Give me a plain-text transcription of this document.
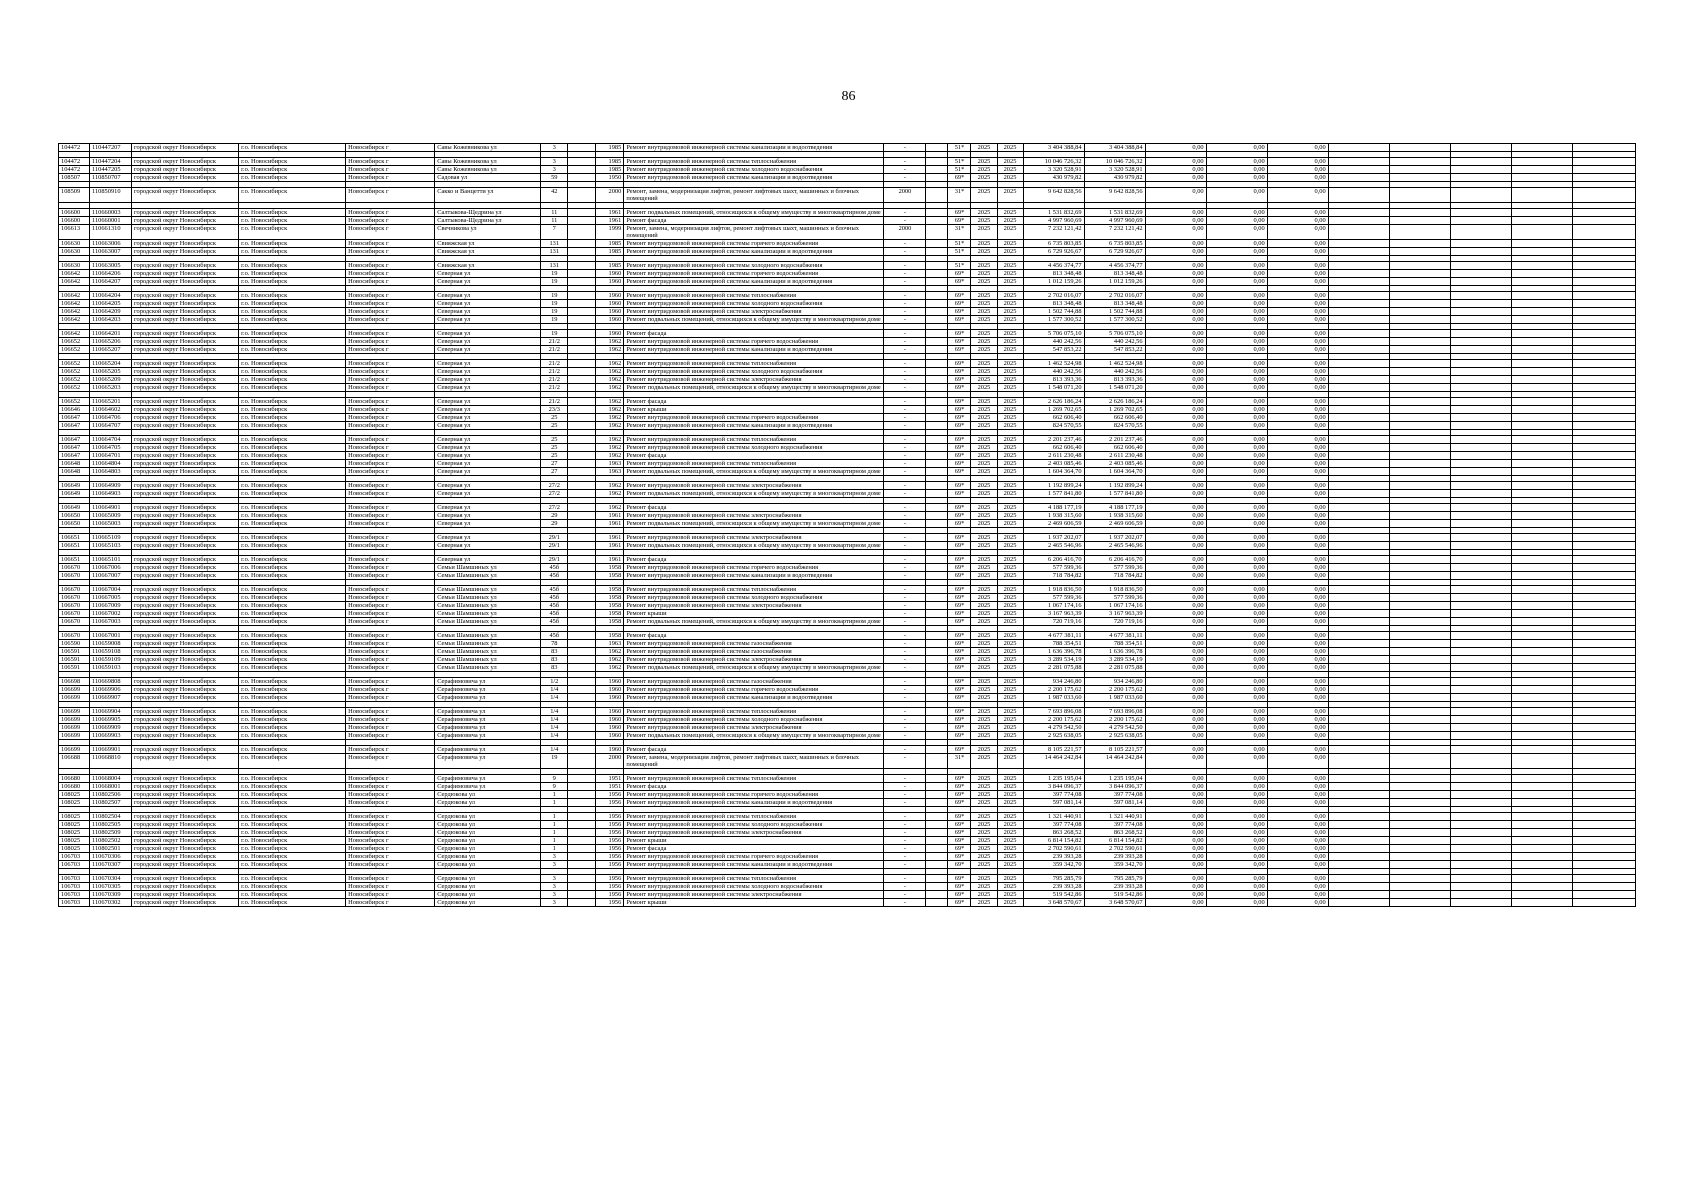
86
104472	110447207	городской округ Новосибирск	г.о. Новосибирск	Новосибирск г	Савы Кожевникова ул	3		1985	Ремонт внутридомовой инженерной системы канализации и водоотведения	-		51*	2025	2025	3 404 388,84	3 404 388,84	0,00	0,00	0,00					

104472	110447204	городской округ Новосибирск	г.о. Новосибирск	Новосибирск г	Савы Кожевникова ул	3		1985	Ремонт внутридомовой инженерной системы теплоснабжения	-		51*	2025	2025	10 046 726,32	10 046 726,32	0,00	0,00	0,00					
104472	110447205	городской округ Новосибирск	г.о. Новосибирск	Новосибирск г	Савы Кожевникова ул	3		1985	Ремонт внутридомовой инженерной системы холодного водоснабжения	-		51*	2025	2025	3 320 528,91	3 320 528,91	0,00	0,00	0,00					
108507	110850707	городской округ Новосибирск	г.о. Новосибирск	Новосибирск г	Садовая ул	59		1950	Ремонт внутридомовой инженерной системы канализации и водоотведения	-		69*	2025	2025	430 979,82	430 979,82	0,00	0,00	0,00					

108509	110850910	городской округ Новосибирск	г.о. Новосибирск	Новосибирск г	Сакко и Ванцетти ул	42		2000	Ремонт, замена, модернизация лифтов, ремонт лифтовых шахт, машинных и блочных помещений	2000		31*	2025	2025	9 642 828,56	9 642 828,56	0,00	0,00	0,00					

106600	110660003	городской округ Новосибирск	г.о. Новосибирск	Новосибирск г	Салтыкова-Щедрина ул	11		1961	Ремонт подвальных помещений, относящихся к общему имуществу в многоквартирном доме	-		69*	2025	2025	1 531 832,69	1 531 832,69	0,00	0,00	0,00					
106600	110660001	городской округ Новосибирск	г.о. Новосибирск	Новосибирск г	Салтыкова-Щедрина ул	11		1961	Ремонт фасада	-		69*	2025	2025	4 997 960,69	4 997 960,69	0,00	0,00	0,00					
106613	110661310	городской округ Новосибирск	г.о. Новосибирск	Новосибирск г	Свечникова ул	7		1999	Ремонт, замена, модернизация лифтов, ремонт лифтовых шахт, машинных и блочных помещений	2000		31*	2025	2025	7 232 121,42	7 232 121,42	0,00	0,00	0,00					
106630	110663006	городской округ Новосибирск	г.о. Новосибирск	Новосибирск г	Свияжская ул	131		1985	Ремонт внутридомовой инженерной системы горячего водоснабжения	-		51*	2025	2025	6 735 803,85	6 735 803,85	0,00	0,00	0,00					
106630	110663007	городской округ Новосибирск	г.о. Новосибирск	Новосибирск г	Свияжская ул	131		1985	Ремонт внутридомовой инженерной системы канализации и водоотведения	-		51*	2025	2025	6 729 926,67	6 729 926,67	0,00	0,00	0,00					

106630	110663005	городской округ Новосибирск	г.о. Новосибирск	Новосибирск г	Свияжская ул	131		1985	Ремонт внутридомовой инженерной системы холодного водоснабжения	-		51*	2025	2025	4 456 374,77	4 456 374,77	0,00	0,00	0,00					
106642	110664206	городской округ Новосибирск	г.о. Новосибирск	Новосибирск г	Северная ул	19		1960	Ремонт внутридомовой инженерной системы горячего водоснабжения	-		69*	2025	2025	813 348,48	813 348,48	0,00	0,00	0,00					
106642	110664207	городской округ Новосибирск	г.о. Новосибирск	Новосибирск г	Северная ул	19		1960	Ремонт внутридомовой инженерной системы канализации и водоотведения	-		69*	2025	2025	1 012 159,26	1 012 159,26	0,00	0,00	0,00					

106642	110664204	городской округ Новосибирск	г.о. Новосибирск	Новосибирск г	Северная ул	19		1960	Ремонт внутридомовой инженерной системы теплоснабжения	-		69*	2025	2025	2 702 016,07	2 702 016,07	0,00	0,00	0,00					
106642	110664205	городской округ Новосибирск	г.о. Новосибирск	Новосибирск г	Северная ул	19		1960	Ремонт внутридомовой инженерной системы холодного водоснабжения	-		69*	2025	2025	813 348,48	813 348,48	0,00	0,00	0,00					
106642	110664209	городской округ Новосибирск	г.о. Новосибирск	Новосибирск г	Северная ул	19		1960	Ремонт внутридомовой инженерной системы электроснабжения	-		69*	2025	2025	1 502 744,88	1 502 744,88	0,00	0,00	0,00					
106642	110664203	городской округ Новосибирск	г.о. Новосибирск	Новосибирск г	Северная ул	19		1960	Ремонт подвальных помещений, относящихся к общему имуществу в многоквартирном доме	-		69*	2025	2025	1 577 300,52	1 577 300,52	0,00	0,00	0,00					

106642	110664201	городской округ Новосибирск	г.о. Новосибирск	Новосибирск г	Северная ул	19		1960	Ремонт фасада	-		69*	2025	2025	5 706 075,10	5 706 075,10	0,00	0,00	0,00					
106652	110665206	городской округ Новосибирск	г.о. Новосибирск	Новосибирск г	Северная ул	21/2		1962	Ремонт внутридомовой инженерной системы горячего водоснабжения	-		69*	2025	2025	440 242,56	440 242,56	0,00	0,00	0,00					
106652	110665207	городской округ Новосибирск	г.о. Новосибирск	Новосибирск г	Северная ул	21/2		1962	Ремонт внутридомовой инженерной системы канализации и водоотведения	-		69*	2025	2025	547 853,22	547 853,22	0,00	0,00	0,00					

106652	110665204	городской округ Новосибирск	г.о. Новосибирск	Новосибирск г	Северная ул	21/2		1962	Ремонт внутридомовой инженерной системы теплоснабжения	-		69*	2025	2025	1 462 524,98	1 462 524,98	0,00	0,00	0,00					
106652	110665205	городской округ Новосибирск	г.о. Новосибирск	Новосибирск г	Северная ул	21/2		1962	Ремонт внутридомовой инженерной системы холодного водоснабжения	-		69*	2025	2025	440 242,56	440 242,56	0,00	0,00	0,00					
106652	110665209	городской округ Новосибирск	г.о. Новосибирск	Новосибирск г	Северная ул	21/2		1962	Ремонт внутридомовой инженерной системы электроснабжения	-		69*	2025	2025	813 393,36	813 393,36	0,00	0,00	0,00					
106652	110665203	городской округ Новосибирск	г.о. Новосибирск	Новосибирск г	Северная ул	21/2		1962	Ремонт подвальных помещений, относящихся к общему имуществу в многоквартирном доме	-		69*	2025	2025	1 548 071,20	1 548 071,20	0,00	0,00	0,00					

106652	110665201	городской округ Новосибирск	г.о. Новосибирск	Новосибирск г	Северная ул	21/2		1962	Ремонт фасада	-		69*	2025	2025	2 626 186,24	2 626 186,24	0,00	0,00	0,00					
106646	110664602	городской округ Новосибирск	г.о. Новосибирск	Новосибирск г	Северная ул	23/3		1962	Ремонт крыши	-		69*	2025	2025	1 269 702,65	1 269 702,65	0,00	0,00	0,00					
106647	110664706	городской округ Новосибирск	г.о. Новосибирск	Новосибирск г	Северная ул	25		1962	Ремонт внутридомовой инженерной системы горячего водоснабжения	-		69*	2025	2025	662 606,40	662 606,40	0,00	0,00	0,00					
106647	110664707	городской округ Новосибирск	г.о. Новосибирск	Новосибирск г	Северная ул	25		1962	Ремонт внутридомовой инженерной системы канализации и водоотведения	-		69*	2025	2025	824 570,55	824 570,55	0,00	0,00	0,00					

106647	110664704	городской округ Новосибирск	г.о. Новосибирск	Новосибирск г	Северная ул	25		1962	Ремонт внутридомовой инженерной системы теплоснабжения	-		69*	2025	2025	2 201 237,46	2 201 237,46	0,00	0,00	0,00					
106647	110664705	городской округ Новосибирск	г.о. Новосибирск	Новосибирск г	Северная ул	25		1962	Ремонт внутридомовой инженерной системы холодного водоснабжения	-		69*	2025	2025	662 606,40	662 606,40	0,00	0,00	0,00					
106647	110664701	городской округ Новосибирск	г.о. Новосибирск	Новосибирск г	Северная ул	25		1962	Ремонт фасада	-		69*	2025	2025	2 611 230,48	2 611 230,48	0,00	0,00	0,00					
106648	110664804	городской округ Новосибирск	г.о. Новосибирск	Новосибирск г	Северная ул	27		1963	Ремонт внутридомовой инженерной системы теплоснабжения	-		69*	2025	2025	2 403 085,46	2 403 085,46	0,00	0,00	0,00					
106648	110664803	городской округ Новосибирск	г.о. Новосибирск	Новосибирск г	Северная ул	27		1963	Ремонт подвальных помещений, относящихся к общему имуществу в многоквартирном доме	-		69*	2025	2025	1 604 364,70	1 604 364,70	0,00	0,00	0,00					

106649	110664909	городской округ Новосибирск	г.о. Новосибирск	Новосибирск г	Северная ул	27/2		1962	Ремонт внутридомовой инженерной системы электроснабжения	-		69*	2025	2025	1 192 899,24	1 192 899,24	0,00	0,00	0,00					
106649	110664903	городской округ Новосибирск	г.о. Новосибирск	Новосибирск г	Северная ул	27/2		1962	Ремонт подвальных помещений, относящихся к общему имуществу в многоквартирном доме	-		69*	2025	2025	1 577 841,80	1 577 841,80	0,00	0,00	0,00					

106649	110664901	городской округ Новосибирск	г.о. Новосибирск	Новосибирск г	Северная ул	27/2		1962	Ремонт фасада	-		69*	2025	2025	4 188 177,19	4 188 177,19	0,00	0,00	0,00					
106650	110665009	городской округ Новосибирск	г.о. Новосибирск	Новосибирск г	Северная ул	29		1961	Ремонт внутридомовой инженерной системы электроснабжения	-		69*	2025	2025	1 938 315,60	1 938 315,60	0,00	0,00	0,00					
106650	110665003	городской округ Новосибирск	г.о. Новосибирск	Новосибирск г	Северная ул	29		1961	Ремонт подвальных помещений, относящихся к общему имуществу в многоквартирном доме	-		69*	2025	2025	2 469 606,59	2 469 606,59	0,00	0,00	0,00					

106651	110665109	городской округ Новосибирск	г.о. Новосибирск	Новосибирск г	Северная ул	29/1		1961	Ремонт внутридомовой инженерной системы электроснабжения	-		69*	2025	2025	1 937 202,07	1 937 202,07	0,00	0,00	0,00					
106651	110665103	городской округ Новосибирск	г.о. Новосибирск	Новосибирск г	Северная ул	29/1		1961	Ремонт подвальных помещений, относящихся к общему имуществу в многоквартирном доме	-		69*	2025	2025	2 465 546,96	2 465 546,96	0,00	0,00	0,00					

106651	110665101	городской округ Новосибирск	г.о. Новосибирск	Новосибирск г	Северная ул	29/1		1961	Ремонт фасада	-		69*	2025	2025	6 206 416,70	6 206 416,70	0,00	0,00	0,00					
106670	110667006	городской округ Новосибирск	г.о. Новосибирск	Новосибирск г	Семьи Шамшиных ул	45б		1958	Ремонт внутридомовой инженерной системы горячего водоснабжения	-		69*	2025	2025	577 599,36	577 599,36	0,00	0,00	0,00					
106670	110667007	городской округ Новосибирск	г.о. Новосибирск	Новосибирск г	Семьи Шамшиных ул	45б		1958	Ремонт внутридомовой инженерной системы канализации и водоотведения	-		69*	2025	2025	718 784,82	718 784,82	0,00	0,00	0,00					

106670	110667004	городской округ Новосибирск	г.о. Новосибирск	Новосибирск г	Семьи Шамшиных ул	45б		1958	Ремонт внутридомовой инженерной системы теплоснабжения	-		69*	2025	2025	1 918 836,50	1 918 836,50	0,00	0,00	0,00					
106670	110667005	городской округ Новосибирск	г.о. Новосибирск	Новосибирск г	Семьи Шамшиных ул	45б		1958	Ремонт внутридомовой инженерной системы холодного водоснабжения	-		69*	2025	2025	577 599,36	577 599,36	0,00	0,00	0,00					
106670	110667009	городской округ Новосибирск	г.о. Новосибирск	Новосибирск г	Семьи Шамшиных ул	45б		1958	Ремонт внутридомовой инженерной системы электроснабжения	-		69*	2025	2025	1 067 174,16	1 067 174,16	0,00	0,00	0,00					
106670	110667002	городской округ Новосибирск	г.о. Новосибирск	Новосибирск г	Семьи Шамшиных ул	45б		1958	Ремонт крыши	-		69*	2025	2025	3 167 963,39	3 167 963,39	0,00	0,00	0,00					
106670	110667003	городской округ Новосибирск	г.о. Новосибирск	Новосибирск г	Семьи Шамшиных ул	45б		1958	Ремонт подвальных помещений, относящихся к общему имуществу в многоквартирном доме	-		69*	2025	2025	720 719,16	720 719,16	0,00	0,00	0,00					

106670	110667001	городской округ Новосибирск	г.о. Новосибирск	Новосибирск г	Семьи Шамшиных ул	45б		1958	Ремонт фасада	-		69*	2025	2025	4 677 381,11	4 677 381,11	0,00	0,00	0,00					
106590	110659008	городской округ Новосибирск	г.о. Новосибирск	Новосибирск г	Семьи Шамшиных ул	78		1963	Ремонт внутридомовой инженерной системы газоснабжения	-		69*	2025	2025	788 354,51	788 354,51	0,00	0,00	0,00					
106591	110659108	городской округ Новосибирск	г.о. Новосибирск	Новосибирск г	Семьи Шамшиных ул	83		1962	Ремонт внутридомовой инженерной системы газоснабжения	-		69*	2025	2025	1 636 396,78	1 636 396,78	0,00	0,00	0,00					
106591	110659109	городской округ Новосибирск	г.о. Новосибирск	Новосибирск г	Семьи Шамшиных ул	83		1962	Ремонт внутридомовой инженерной системы электроснабжения	-		69*	2025	2025	3 289 534,19	3 289 534,19	0,00	0,00	0,00					
106591	110659103	городской округ Новосибирск	г.о. Новосибирск	Новосибирск г	Семьи Шамшиных ул	83		1962	Ремонт подвальных помещений, относящихся к общему имуществу в многоквартирном доме	-		69*	2025	2025	2 281 075,88	2 281 075,88	0,00	0,00	0,00					

106698	110669808	городской округ Новосибирск	г.о. Новосибирск	Новосибирск г	Серафимовича ул	1/2		1960	Ремонт внутридомовой инженерной системы газоснабжения	-		69*	2025	2025	934 246,80	934 246,80	0,00	0,00	0,00					
106699	110669906	городской округ Новосибирск	г.о. Новосибирск	Новосибирск г	Серафимовича ул	1/4		1960	Ремонт внутридомовой инженерной системы горячего водоснабжения	-		69*	2025	2025	2 200 175,62	2 200 175,62	0,00	0,00	0,00					
106699	110669907	городской округ Новосибирск	г.о. Новосибирск	Новосибирск г	Серафимовича ул	1/4		1960	Ремонт внутридомовой инженерной системы канализации и водоотведения	-		69*	2025	2025	1 987 033,60	1 987 033,60	0,00	0,00	0,00					

106699	110669904	городской округ Новосибирск	г.о. Новосибирск	Новосибирск г	Серафимовича ул	1/4		1960	Ремонт внутридомовой инженерной системы теплоснабжения	-		69*	2025	2025	7 693 896,08	7 693 896,08	0,00	0,00	0,00					
106699	110669905	городской округ Новосибирск	г.о. Новосибирск	Новосибирск г	Серафимовича ул	1/4		1960	Ремонт внутридомовой инженерной системы холодного водоснабжения	-		69*	2025	2025	2 200 175,62	2 200 175,62	0,00	0,00	0,00					
106699	110669909	городской округ Новосибирск	г.о. Новосибирск	Новосибирск г	Серафимовича ул	1/4		1960	Ремонт внутридомовой инженерной системы электроснабжения	-		69*	2025	2025	4 279 542,50	4 279 542,50	0,00	0,00	0,00					
106699	110669903	городской округ Новосибирск	г.о. Новосибирск	Новосибирск г	Серафимовича ул	1/4		1960	Ремонт подвальных помещений, относящихся к общему имуществу в многоквартирном доме	-		69*	2025	2025	2 925 638,05	2 925 638,05	0,00	0,00	0,00					

106699	110669901	городской округ Новосибирск	г.о. Новосибирск	Новосибирск г	Серафимовича ул	1/4		1960	Ремонт фасада	-		69*	2025	2025	8 105 221,57	8 105 221,57	0,00	0,00	0,00					
106688	110668810	городской округ Новосибирск	г.о. Новосибирск	Новосибирск г	Серафимовича ул	19		2000	Ремонт, замена, модернизация лифтов, ремонт лифтовых шахт, машинных и блочных помещений	-		31*	2025	2025	14 464 242,84	14 464 242,84	0,00	0,00	0,00					

106680	110668004	городской округ Новосибирск	г.о. Новосибирск	Новосибирск г	Серафимовича ул	9		1951	Ремонт внутридомовой инженерной системы теплоснабжения	-		69*	2025	2025	1 235 195,04	1 235 195,04	0,00	0,00	0,00					
106680	110668001	городской округ Новосибирск	г.о. Новосибирск	Новосибирск г	Серафимовича ул	9		1951	Ремонт фасада	-		69*	2025	2025	3 844 096,37	3 844 096,37	0,00	0,00	0,00					
108025	110802506	городской округ Новосибирск	г.о. Новосибирск	Новосибирск г	Сердюкова ул	1		1956	Ремонт внутридомовой инженерной системы горячего водоснабжения	-		69*	2025	2025	397 774,08	397 774,08	0,00	0,00	0,00					
108025	110802507	городской округ Новосибирск	г.о. Новосибирск	Новосибирск г	Сердюкова ул	1		1956	Ремонт внутридомовой инженерной системы канализации и водоотведения	-		69*	2025	2025	597 081,14	597 081,14	0,00	0,00	0,00					

108025	110802504	городской округ Новосибирск	г.о. Новосибирск	Новосибирск г	Сердюкова ул	1		1956	Ремонт внутридомовой инженерной системы теплоснабжения	-		69*	2025	2025	1 321 440,91	1 321 440,91	0,00	0,00	0,00					
108025	110802505	городской округ Новосибирск	г.о. Новосибирск	Новосибирск г	Сердюкова ул	1		1956	Ремонт внутридомовой инженерной системы холодного водоснабжения	-		69*	2025	2025	397 774,08	397 774,08	0,00	0,00	0,00					
108025	110802509	городской округ Новосибирск	г.о. Новосибирск	Новосибирск г	Сердюкова ул	1		1956	Ремонт внутридомовой инженерной системы электроснабжения	-		69*	2025	2025	863 268,52	863 268,52	0,00	0,00	0,00					
108025	110802502	городской округ Новосибирск	г.о. Новосибирск	Новосибирск г	Сердюкова ул	1		1956	Ремонт крыши	-		69*	2025	2025	6 814 154,82	6 814 154,82	0,00	0,00	0,00					
108025	110802501	городской округ Новосибирск	г.о. Новосибирск	Новосибирск г	Сердюкова ул	1		1956	Ремонт фасада	-		69*	2025	2025	2 702 590,61	2 702 590,61	0,00	0,00	0,00					
106703	110670306	городской округ Новосибирск	г.о. Новосибирск	Новосибирск г	Сердюкова ул	3		1956	Ремонт внутридомовой инженерной системы горячего водоснабжения	-		69*	2025	2025	239 393,28	239 393,28	0,00	0,00	0,00					
106703	110670307	городской округ Новосибирск	г.о. Новосибирск	Новосибирск г	Сердюкова ул	3		1956	Ремонт внутридомовой инженерной системы канализации и водоотведения	-		69*	2025	2025	359 342,70	359 342,70	0,00	0,00	0,00					

106703	110670304	городской округ Новосибирск	г.о. Новосибирск	Новосибирск г	Сердюкова ул	3		1956	Ремонт внутридомовой инженерной системы теплоснабжения	-		69*	2025	2025	795 285,79	795 285,79	0,00	0,00	0,00					
106703	110670305	городской округ Новосибирск	г.о. Новосибирск	Новосибирск г	Сердюкова ул	3		1956	Ремонт внутридомовой инженерной системы холодного водоснабжения	-		69*	2025	2025	239 393,28	239 393,28	0,00	0,00	0,00					
106703	110670309	городской округ Новосибирск	г.о. Новосибирск	Новосибирск г	Сердюкова ул	3		1956	Ремонт внутридомовой инженерной системы электроснабжения	-		69*	2025	2025	519 542,86	519 542,86	0,00	0,00	0,00					
106703	110670302	городской округ Новосибирск	г.о. Новосибирск	Новосибирск г	Сердюкова ул	3		1956	Ремонт крыши	-		69*	2025	2025	3 648 570,67	3 648 570,67	0,00	0,00	0,00					
